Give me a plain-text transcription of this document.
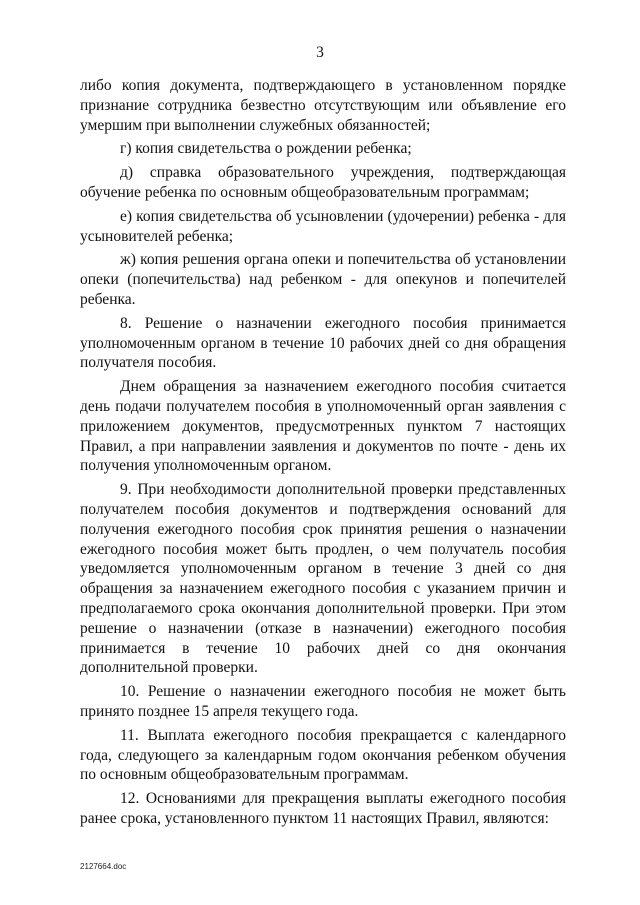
3

либо копия документа, подтверждающего в установленном порядке признание сотрудника безвестно отсутствующим или объявление его умершим при выполнении служебных обязанностей;

г) копия свидетельства о рождении ребенка;

д) справка образовательного учреждения, подтверждающая обучение ребенка по основным общеобразовательным программам;

е) копия свидетельства об усыновлении (удочерении) ребенка - для усыновителей ребенка;

ж) копия решения органа опеки и попечительства об установлении опеки (попечительства) над ребенком - для опекунов и попечителей ребенка.

8. Решение о назначении ежегодного пособия принимается уполномоченным органом в течение 10 рабочих дней со дня обращения получателя пособия.

Днем обращения за назначением ежегодного пособия считается день подачи получателем пособия в уполномоченный орган заявления с приложением документов, предусмотренных пунктом 7 настоящих Правил, а при направлении заявления и документов по почте - день их получения уполномоченным органом.

9. При необходимости дополнительной проверки представленных получателем пособия документов и подтверждения оснований для получения ежегодного пособия срок принятия решения о назначении ежегодного пособия может быть продлен, о чем получатель пособия уведомляется уполномоченным органом в течение 3 дней со дня обращения за назначением ежегодного пособия с указанием причин и предполагаемого срока окончания дополнительной проверки. При этом решение о назначении (отказе в назначении) ежегодного пособия принимается в течение 10 рабочих дней со дня окончания дополнительной проверки.

10. Решение о назначении ежегодного пособия не может быть принято позднее 15 апреля текущего года.

11. Выплата ежегодного пособия прекращается с календарного года, следующего за календарным годом окончания ребенком обучения по основным общеобразовательным программам.

12. Основаниями для прекращения выплаты ежегодного пособия ранее срока, установленного пунктом 11 настоящих Правил, являются:

2127664.doc
